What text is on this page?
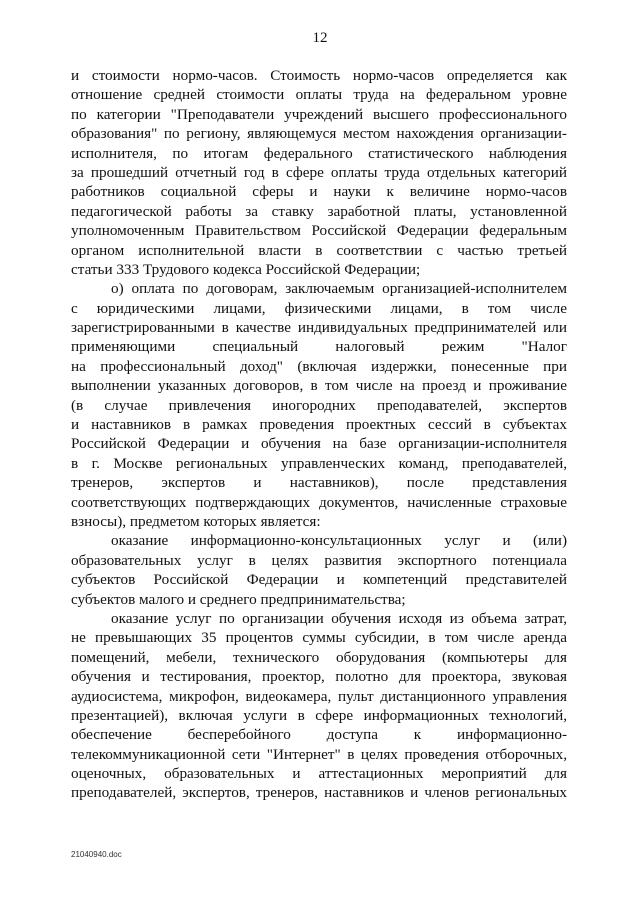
12
и стоимости нормо-часов. Стоимость нормо-часов определяется как
отношение средней стоимости оплаты труда на федеральном уровне
по категории "Преподаватели учреждений высшего профессионального
образования" по региону, являющемуся местом нахождения организации-
исполнителя, по итогам федерального статистического наблюдения
за прошедший отчетный год в сфере оплаты труда отдельных категорий
работников социальной сферы и науки к величине нормо-часов
педагогической работы за ставку заработной платы, установленной
уполномоченным Правительством Российской Федерации федеральным
органом исполнительной власти в соответствии с частью третьей
статьи 333 Трудового кодекса Российской Федерации;
о) оплата по договорам, заключаемым организацией-исполнителем
с юридическими лицами, физическими лицами, в том числе
зарегистрированными в качестве индивидуальных предпринимателей или
применяющими специальный налоговый режим "Налог
на профессиональный доход" (включая издержки, понесенные при
выполнении указанных договоров, в том числе на проезд и проживание
(в случае привлечения иногородних преподавателей, экспертов
и наставников в рамках проведения проектных сессий в субъектах
Российской Федерации и обучения на базе организации-исполнителя
в г. Москве региональных управленческих команд, преподавателей,
тренеров, экспертов и наставников), после представления
соответствующих подтверждающих документов, начисленные страховые
взносы), предметом которых является:
оказание информационно-консультационных услуг и (или)
образовательных услуг в целях развития экспортного потенциала
субъектов Российской Федерации и компетенций представителей
субъектов малого и среднего предпринимательства;
оказание услуг по организации обучения исходя из объема затрат,
не превышающих 35 процентов суммы субсидии, в том числе аренда
помещений, мебели, технического оборудования (компьютеры для
обучения и тестирования, проектор, полотно для проектора, звуковая
аудиосистема, микрофон, видеокамера, пульт дистанционного управления
презентацией), включая услуги в сфере информационных технологий,
обеспечение бесперебойного доступа к информационно-
телекоммуникационной сети "Интернет" в целях проведения отборочных,
оценочных, образовательных и аттестационных мероприятий для
преподавателей, экспертов, тренеров, наставников и членов региональных
21040940.doc
